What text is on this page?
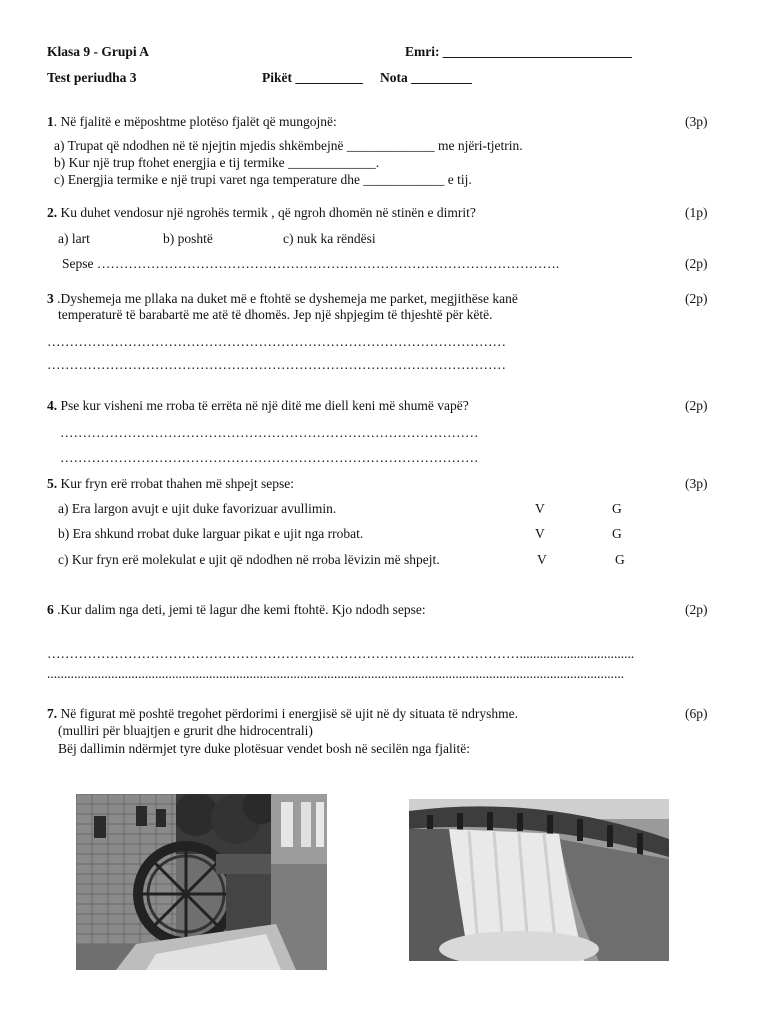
Klasa 9 - Grupi A	Emri: ____________________________
Test periudha 3	Pikët __________ Nota _________
1. Në fjalitë e mëposhtme plotëso fjalët që mungojnë:	(3p)
a) Trupat që ndodhen në të njejtin mjedis shkëmbejnë _____________ me njëri-tjetrin.
b) Kur një trup ftohet energjia e tij termike _____________.
c) Energjia termike e një trupi varet nga temperature dhe ____________ e tij.
2. Ku duhet vendosur një ngrohës termik , që ngroh dhomën në stinën e dimrit?	(1p)
a) lart	b) poshtë	c) nuk ka rëndësi
Sepse ………………………………………………………………………………………….	(2p)
3 .Dyshemeja me pllaka na duket më e ftohtë se dyshemeja me parket, megjithëse kanë	(2p)
temperaturë të barabartë me atë të dhomës. Jep një shpjegim të thjeshtë për këtë.
…………………………………………………………………………………………
…………………………………………………………………………………………
4. Pse kur visheni me rroba të errëta në një ditë me diell keni më shumë vapë?	(2p)
…………………………………………………………………………………
…………………………………………………………………………………
5. Kur fryn erë rrobat thahen më shpejt sepse:	(3p)
a) Era largon avujt e ujit duke favorizuar avullimin.	V	G
b) Era shkund rrobat duke larguar pikat e ujit nga rrobat.	V	G
c) Kur fryn erë molekulat e ujit që ndodhen në rroba lëvizin më shpejt.	V	G
6 .Kur dalim nga deti, jemi të lagur dhe kemi ftohtë. Kjo ndodh sepse:	(2p)
……………………………………………………………………………………………..................................
...........................................................................................................................................................................
7. Në figurat më poshtë tregohet përdorimi i energjisë së ujit në dy situata të ndryshme.	(6p)
(mulliri për bluajtjen e grurit dhe hidrocentrali)
Bëj dallimin ndërmjet tyre duke plotësuar vendet bosh në secilën nga fjalitë:
